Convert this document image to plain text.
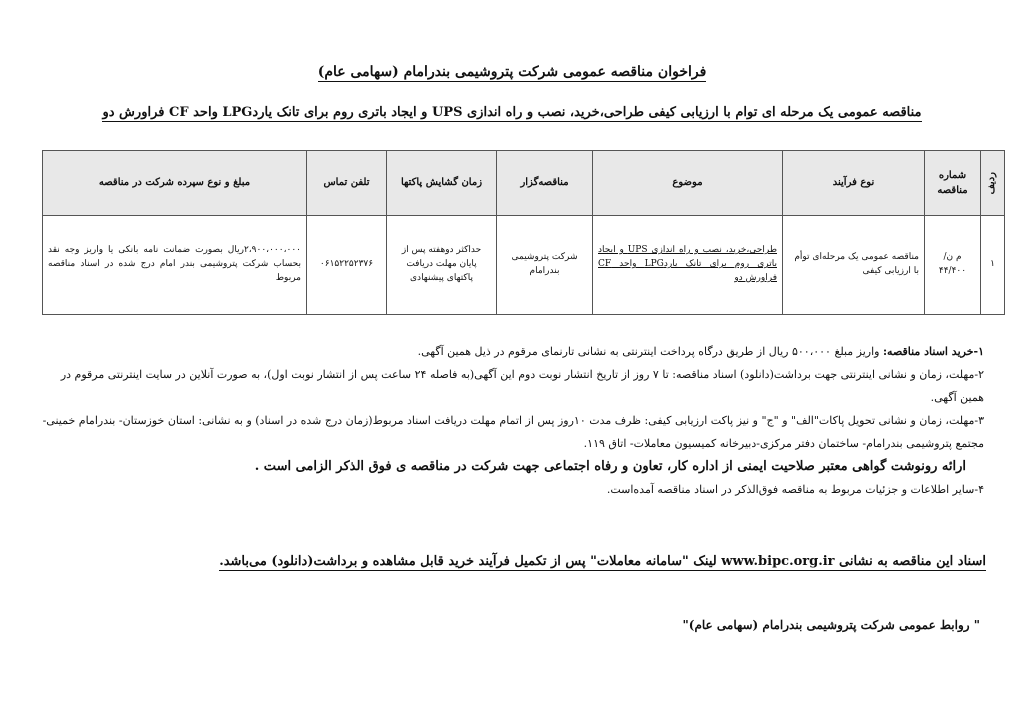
فراخوان مناقصه عمومی شرکت پتروشیمی بندرامام (سهامی عام)
مناقصه عمومی یک مرحله ای توام با ارزیابی کیفی طراحی،خرید، نصب و راه اندازی UPS و ایجاد باتری روم برای تانک یاردLPG واحد CF فراورش دو
ردیف	شماره مناقصه	نوع فرآیند	موضوع	مناقصه‌گزار	زمان گشایش پاکتها	تلفن تماس	مبلغ و نوع سپرده شرکت در مناقصه
۱	م ن/۴۴/۴۰۰	مناقصه عمومی یک مرحله‌ای توأم با ارزیابی کیفی	طراحی،خرید، نصب و راه اندازی UPS و ایجاد باتری روم برای تانک یاردLPG واحد CF فراورش دو	شرکت پتروشیمی بندرامام	حداکثر دوهفته پس از پایان مهلت دریافت پاکتهای پیشنهادی	۰۶۱۵۲۲۵۲۳۷۶	۲،۹۰۰،۰۰۰،۰۰۰ریال بصورت ضمانت نامه بانکی یا واریز وجه نقد بحساب شرکت پتروشیمی بندر امام درج شده در اسناد مناقصه مربوط

۱-خرید اسناد مناقصه: واریز مبلغ ۵۰۰،۰۰۰ ریال از طریق درگاه پرداخت اینترنتی به نشانی تارنمای مرقوم در ذیل همین آگهی.

۲-مهلت، زمان و نشانی اینترنتی جهت برداشت(دانلود) اسناد مناقصه: تا ۷ روز از تاریخ انتشار نوبت دوم این آگهی(به فاصله ۲۴ ساعت پس از انتشار نوبت اول)، به صورت آنلاین در سایت اینترنتی مرقوم در همین آگهی.

۳-مهلت، زمان و نشانی تحویل پاکات"الف" و "ج" و نیز پاکت ارزیابی کیفی: ظرف مدت ۱۰روز پس از اتمام مهلت دریافت اسناد مربوط(زمان درج شده در اسناد) و به نشانی: استان خوزستان- بندرامام خمینی- مجتمع پتروشیمی بندرامام- ساختمان دفتر مرکزی-دبیرخانه کمیسیون معاملات- اتاق ۱۱۹.

ارائه رونوشت گواهی معتبر صلاحیت ایمنی از اداره کار، تعاون و رفاه اجتماعی جهت شرکت در مناقصه ی فوق الذکر الزامی است .

۴-سایر اطلاعات و جزئیات مربوط به مناقصه فوق‌الذکر در اسناد مناقصه آمده‌است.

اسناد این مناقصه به نشانی www.bipc.org.ir لینک "سامانه معاملات" پس از تکمیل فرآیند خرید قابل مشاهده و برداشت(دانلود) می‌باشد.
" روابط عمومی شرکت پتروشیمی بندرامام (سهامی عام)"
